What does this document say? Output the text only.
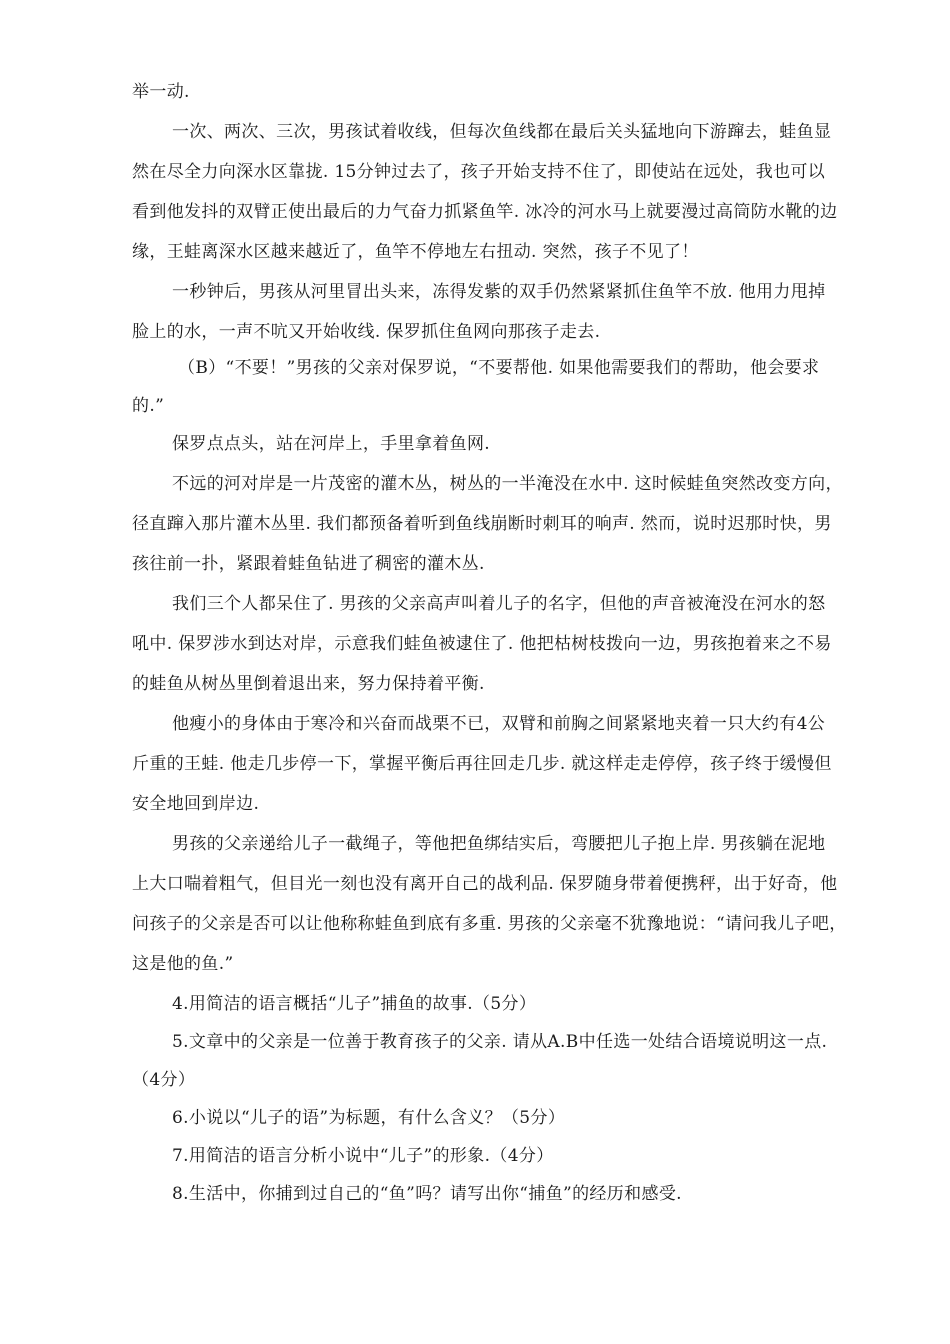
举一动.
一次、两次、三次，男孩试着收线，但每次鱼线都在最后关头猛地向下游蹿去，蛙鱼显
然在尽全力向深水区靠拢. 15分钟过去了，孩子开始支持不住了，即使站在远处，我也可以
看到他发抖的双臂正使出最后的力气奋力抓紧鱼竿. 冰冷的河水马上就要漫过高筒防水靴的边
缘，王蛙离深水区越来越近了，鱼竿不停地左右扭动. 突然，孩子不见了！
一秒钟后，男孩从河里冒出头来，冻得发紫的双手仍然紧紧抓住鱼竿不放. 他用力甩掉
脸上的水，一声不吭又开始收线. 保罗抓住鱼网向那孩子走去.
（B）“不要！”男孩的父亲对保罗说，“不要帮他. 如果他需要我们的帮助，他会要求
的.”
保罗点点头，站在河岸上，手里拿着鱼网.
不远的河对岸是一片茂密的灌木丛，树丛的一半淹没在水中. 这时候蛙鱼突然改变方向，
径直蹿入那片灌木丛里. 我们都预备着听到鱼线崩断时刺耳的响声. 然而，说时迟那时快，男
孩往前一扑，紧跟着蛙鱼钻进了稠密的灌木丛.
我们三个人都呆住了. 男孩的父亲高声叫着儿子的名字，但他的声音被淹没在河水的怒
吼中. 保罗涉水到达对岸，示意我们蛙鱼被逮住了. 他把枯树枝拨向一边，男孩抱着来之不易
的蛙鱼从树丛里倒着退出来，努力保持着平衡.
他瘦小的身体由于寒冷和兴奋而战栗不已，双臂和前胸之间紧紧地夹着一只大约有4公
斤重的王蛙. 他走几步停一下，掌握平衡后再往回走几步. 就这样走走停停，孩子终于缓慢但
安全地回到岸边.
男孩的父亲递给儿子一截绳子，等他把鱼绑结实后，弯腰把儿子抱上岸. 男孩躺在泥地
上大口喘着粗气，但目光一刻也没有离开自己的战利品. 保罗随身带着便携秤，出于好奇，他
问孩子的父亲是否可以让他称称蛙鱼到底有多重. 男孩的父亲毫不犹豫地说：“请问我儿子吧，
这是他的鱼.”
4.用简洁的语言概括“儿子”捕鱼的故事.（5分）
5.文章中的父亲是一位善于教育孩子的父亲. 请从A.B中任选一处结合语境说明这一点.
（4分）
6.小说以“儿子的语”为标题，有什么含义？（5分）
7.用简洁的语言分析小说中“儿子”的形象.（4分）
8.生活中，你捕到过自己的“鱼”吗？请写出你“捕鱼”的经历和感受.
